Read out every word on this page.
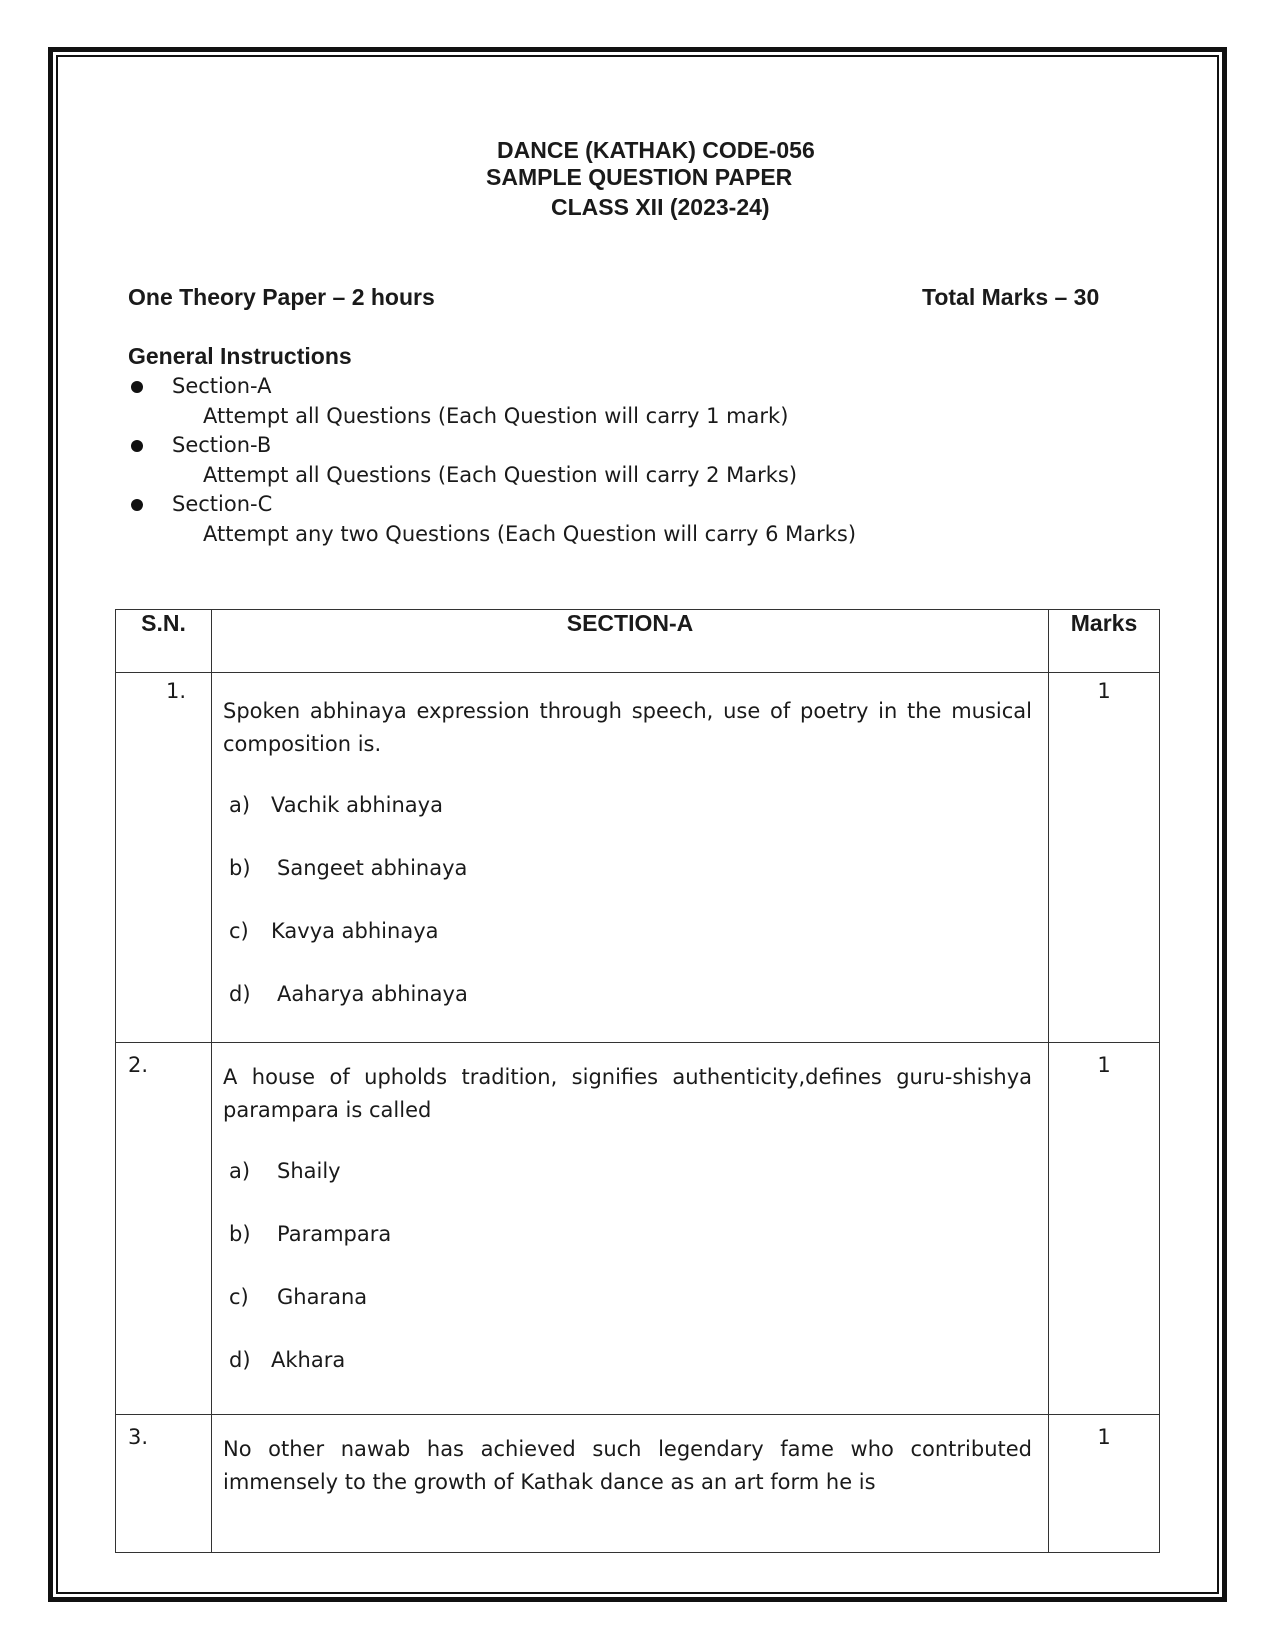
DANCE (KATHAK) CODE-056
SAMPLE QUESTION PAPER
CLASS XII (2023-24)
One Theory Paper – 2 hours	Total Marks – 30
General Instructions
Section-A
Attempt all Questions (Each Question will carry 1 mark)
Section-B
Attempt all Questions (Each Question will carry 2 Marks)
Section-C
Attempt any two Questions (Each Question will carry 6 Marks)
S.N.	SECTION-A	Marks
1.	Spoken abhinaya expression through speech, use of poetry in the musical composition is.
a) Vachik abhinaya
b) Sangeet abhinaya
c) Kavya abhinaya
d) Aaharya abhinaya	1
2.	A house of upholds tradition, signifies authenticity,defines guru-shishya parampara is called
a) Shaily
b) Parampara
c) Gharana
d) Akhara	1
3.	No other nawab has achieved such legendary fame who contributed immensely to the growth of Kathak dance as an art form he is	1
